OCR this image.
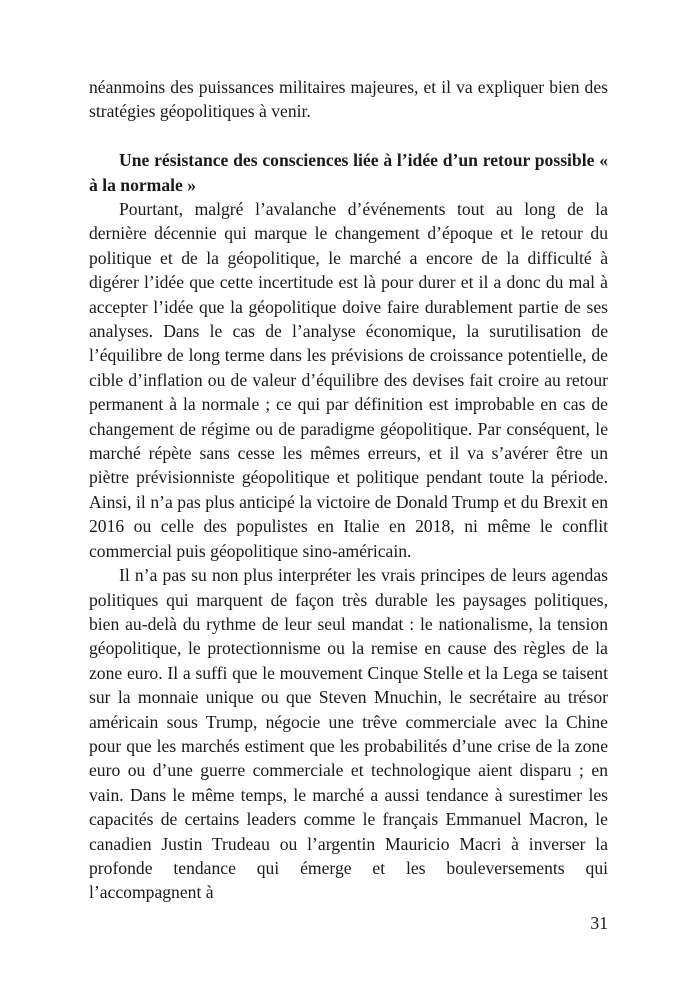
néanmoins des puissances militaires majeures, et il va expliquer bien des stratégies géopolitiques à venir.

Une résistance des consciences liée à l’idée d’un retour possible « à la normale »

Pourtant, malgré l’avalanche d’événements tout au long de la dernière décennie qui marque le changement d’époque et le retour du politique et de la géopolitique, le marché a encore de la difficulté à digérer l’idée que cette incertitude est là pour durer et il a donc du mal à accepter l’idée que la géopolitique doive faire durablement partie de ses analyses. Dans le cas de l’analyse économique, la surutilisation de l’équilibre de long terme dans les prévisions de croissance potentielle, de cible d’inflation ou de valeur d’équilibre des devises fait croire au retour permanent à la normale ; ce qui par définition est improbable en cas de changement de régime ou de paradigme géopolitique. Par conséquent, le marché répète sans cesse les mêmes erreurs, et il va s’avérer être un piètre prévisionniste géopolitique et politique pendant toute la période. Ainsi, il n’a pas plus anticipé la victoire de Donald Trump et du Brexit en 2016 ou celle des populistes en Italie en 2018, ni même le conflit commercial puis géopolitique sino-américain.

Il n’a pas su non plus interpréter les vrais principes de leurs agendas politiques qui marquent de façon très durable les paysages politiques, bien au-delà du rythme de leur seul mandat : le nationalisme, la tension géopolitique, le protectionnisme ou la remise en cause des règles de la zone euro. Il a suffi que le mouvement Cinque Stelle et la Lega se taisent sur la monnaie unique ou que Steven Mnuchin, le secrétaire au trésor américain sous Trump, négocie une trêve commerciale avec la Chine pour que les marchés estiment que les probabilités d’une crise de la zone euro ou d’une guerre commerciale et technologique aient disparu ; en vain. Dans le même temps, le marché a aussi tendance à surestimer les capacités de certains leaders comme le français Emmanuel Macron, le canadien Justin Trudeau ou l’argentin Mauricio Macri à inverser la profonde tendance qui émerge et les bouleversements qui l’accompagnent à

31
